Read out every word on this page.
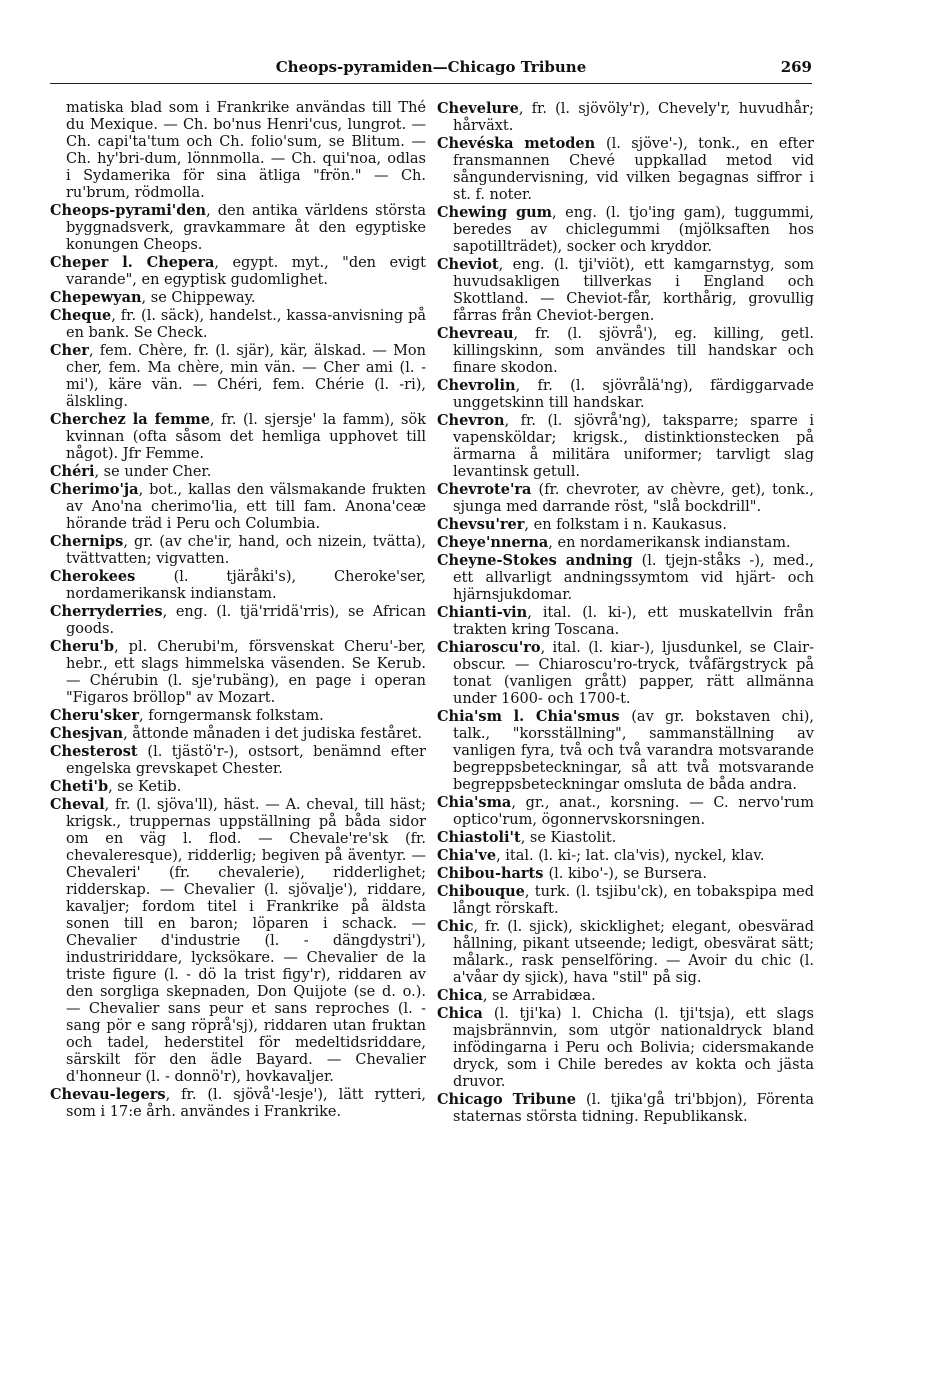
Cheops-pyramiden—Chicago Tribune	269

matiska blad som i Frankrike användas till Thé du Mexique. — Ch. bo'nus Henri'cus, lungrot. — Ch. capi'ta'tum och Ch. folio'sum, se Blitum. — Ch. hy'bri-dum, lönnmolla. — Ch. qui'noa, odlas i Sydamerika för sina ätliga "frön." — Ch. ru'brum, rödmolla.

Cheops-pyrami'den, den antika världens största byggnadsverk, gravkammare åt den egyptiske konungen Cheops.

Cheper l. Chepera, egypt. myt., "den evigt varande", en egyptisk gudomlighet.

Chepewyan, se Chippeway.

Cheque, fr. (l. säck), handelst., kassa-anvisning på en bank. Se Check.

Cher, fem. Chère, fr. (l. sjär), kär, älskad. — Mon cher, fem. Ma chère, min vän. — Cher ami (l. -mi'), käre vän. — Chéri, fem. Chérie (l. -ri), älskling.

Cherchez la femme, fr. (l. sjersje' la famm), sök kvinnan (ofta såsom det hemliga upphovet till något). Jfr Femme.

Chéri, se under Cher.

Cherimo'ja, bot., kallas den välsmakande frukten av Ano'na cherimo'lia, ett till fam. Anona'ceæ hörande träd i Peru och Columbia.

Chernips, gr. (av che'ir, hand, och nizein, tvätta), tvättvatten; vigvatten.

Cherokees (l. tjäråki's), Cheroke'ser, nordamerikansk indianstam.

Cherryderries, eng. (l. tjä'rridä'rris), se African goods.

Cheru'b, pl. Cherubi'm, försvenskat Cheru'-ber, hebr., ett slags himmelska väsenden. Se Kerub. — Chérubin (l. sje'rubäng), en page i operan "Figaros bröllop" av Mozart.

Cheru'sker, forngermansk folkstam.

Chesjvan, åttonde månaden i det judiska feståret.

Chesterost (l. tjästö'r-), ostsort, benämnd efter engelska grevskapet Chester.

Cheti'b, se Ketib.

Cheval, fr. (l. sjöva'll), häst. — A. cheval, till häst; krigsk., truppernas uppställning på båda sidor om en väg l. flod. — Chevale're'sk (fr. chevaleresque), ridderlig; begiven på äventyr. — Chevaleri' (fr. chevalerie), ridderlighet; ridderskap. — Chevalier (l. sjövalje'), riddare, kavaljer; fordom titel i Frankrike på äldsta sonen till en baron; löparen i schack. — Chevalier d'industrie (l. - dängdystri'), industririddare, lycksökare. — Chevalier de la triste figure (l. - dö la trist figy'r), riddaren av den sorgliga skepnaden, Don Quijote (se d. o.). — Chevalier sans peur et sans reproches (l. - sang pör e sang röprå'sj), riddaren utan fruktan och tadel, hederstitel för medeltidsriddare, särskilt för den ädle Bayard. — Chevalier d'honneur (l. - donnö'r), hovkavaljer.

Chevau-legers, fr. (l. sjövå'-lesje'), lätt rytteri, som i 17:e årh. användes i Frankrike.

Chevelure, fr. (l. sjövöly'r), Chevely'r, huvudhår; hårväxt.

Chevéska metoden (l. sjöve'-), tonk., en efter fransmannen Chevé uppkallad metod vid sångundervisning, vid vilken begagnas siffror i st. f. noter.

Chewing gum, eng. (l. tjo'ing gam), tuggummi, beredes av chiclegummi (mjölksaften hos sapotillträdet), socker och kryddor.

Cheviot, eng. (l. tji'viöt), ett kamgarnstyg, som huvudsakligen tillverkas i England och Skottland. — Cheviot-får, korthårig, grovullig fårras från Cheviot-bergen.

Chevreau, fr. (l. sjövrå'), eg. killing, getl. killingskinn, som användes till handskar och finare skodon.

Chevrolin, fr. (l. sjövrålä'ng), färdiggarvade unggetskinn till handskar.

Chevron, fr. (l. sjövrå'ng), taksparre; sparre i vapensköldar; krigsk., distinktionstecken på ärmarna å militära uniformer; tarvligt slag levantinsk getull.

Chevrote'ra (fr. chevroter, av chèvre, get), tonk., sjunga med darrande röst, "slå bockdrill".

Chevsu'rer, en folkstam i n. Kaukasus.

Cheye'nnerna, en nordamerikansk indianstam.

Cheyne-Stokes andning (l. tjejn-ståks -), med., ett allvarligt andningssymtom vid hjärt- och hjärnsjukdomar.

Chianti-vin, ital. (l. ki-), ett muskatellvin från trakten kring Toscana.

Chiaroscu'ro, ital. (l. kiar-), ljusdunkel, se Clair-obscur. — Chiaroscu'ro-tryck, tvåfärgstryck på tonat (vanligen grått) papper, rätt allmänna under 1600- och 1700-t.

Chia'sm l. Chia'smus (av gr. bokstaven chi), talk., "korsställning", sammanställning av vanligen fyra, två och två varandra motsvarande begreppsbeteckningar, så att två motsvarande begreppsbeteckningar omsluta de båda andra.

Chia'sma, gr., anat., korsning. — C. nervo'rum optico'rum, ögonnervskorsningen.

Chiastoli't, se Kiastolit.

Chia've, ital. (l. ki-; lat. cla'vis), nyckel, klav.

Chibou-harts (l. kibo'-), se Bursera.

Chibouque, turk. (l. tsjibu'ck), en tobakspipa med långt rörskaft.

Chic, fr. (l. sjick), skicklighet; elegant, obesvärad hållning, pikant utseende; ledigt, obesvärat sätt; målark., rask penselföring. — Avoir du chic (l. a'våar dy sjick), hava "stil" på sig.

Chica, se Arrabidæa.

Chica (l. tji'ka) l. Chicha (l. tji'tsja), ett slags majsbrännvin, som utgör nationaldryck bland infödingarna i Peru och Bolivia; cidersmakande dryck, som i Chile beredes av kokta och jästa druvor.

Chicago Tribune (l. tjika'gå tri'bbjon), Förenta staternas största tidning. Republikansk.
